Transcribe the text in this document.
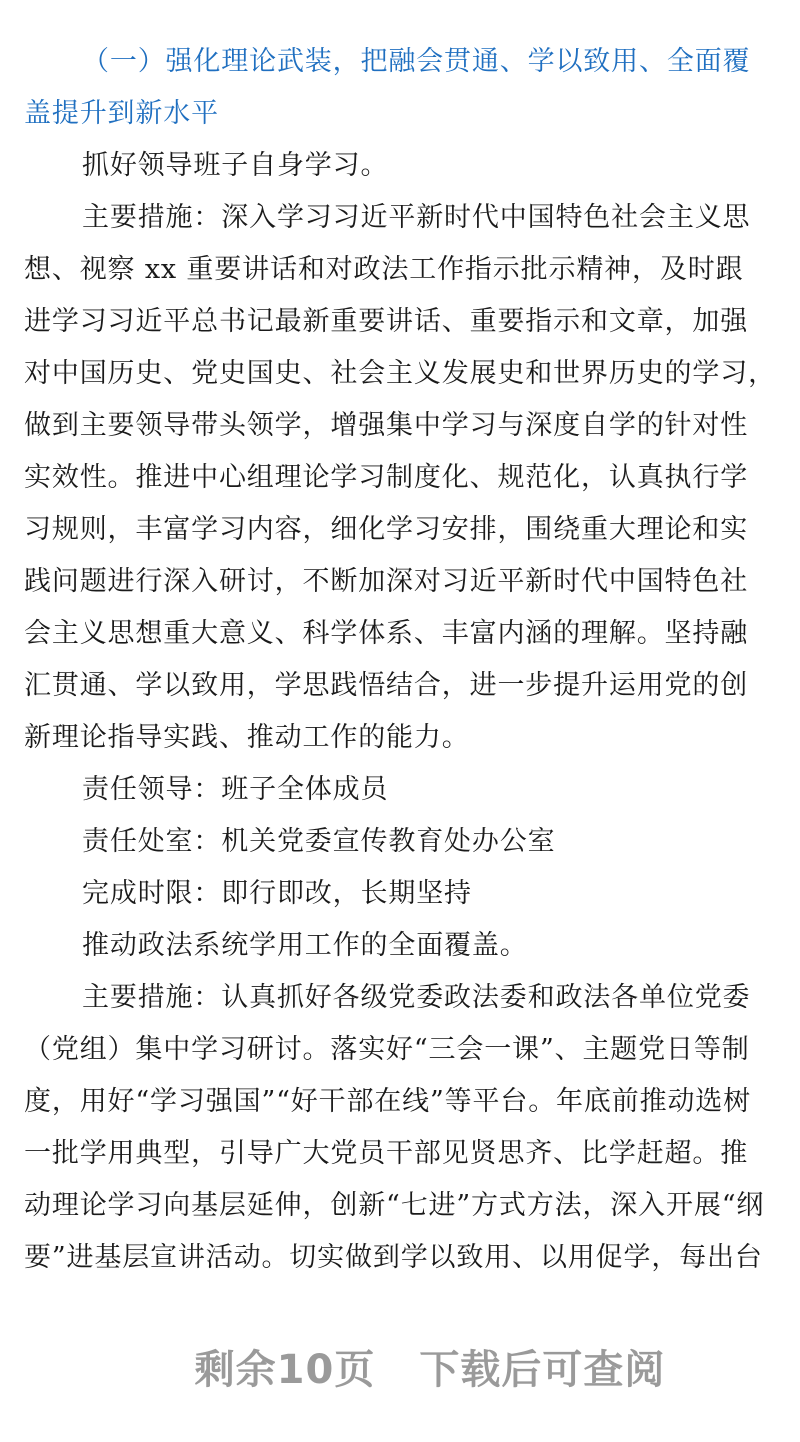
（一）强化理论武装，把融会贯通、学以致用、全面覆
盖提升到新水平
抓好领导班子自身学习。
主要措施：深入学习习近平新时代中国特色社会主义思
想、视察 xx 重要讲话和对政法工作指示批示精神，及时跟
进学习习近平总书记最新重要讲话、重要指示和文章，加强
对中国历史、党史国史、社会主义发展史和世界历史的学习，
做到主要领导带头领学，增强集中学习与深度自学的针对性
实效性。推进中心组理论学习制度化、规范化，认真执行学
习规则，丰富学习内容，细化学习安排，围绕重大理论和实
践问题进行深入研讨，不断加深对习近平新时代中国特色社
会主义思想重大意义、科学体系、丰富内涵的理解。坚持融
汇贯通、学以致用，学思践悟结合，进一步提升运用党的创
新理论指导实践、推动工作的能力。
责任领导：班子全体成员
责任处室：机关党委宣传教育处办公室
完成时限：即行即改，长期坚持
推动政法系统学用工作的全面覆盖。
主要措施：认真抓好各级党委政法委和政法各单位党委
（党组）集中学习研讨。落实好“三会一课”、主题党日等制
度，用好“学习强国”“好干部在线”等平台。年底前推动选树
一批学用典型，引导广大党员干部见贤思齐、比学赶超。推
动理论学习向基层延伸，创新“七进”方式方法，深入开展“纲
要”进基层宣讲活动。切实做到学以致用、以用促学，每出台
剩余10页 下载后可查阅
